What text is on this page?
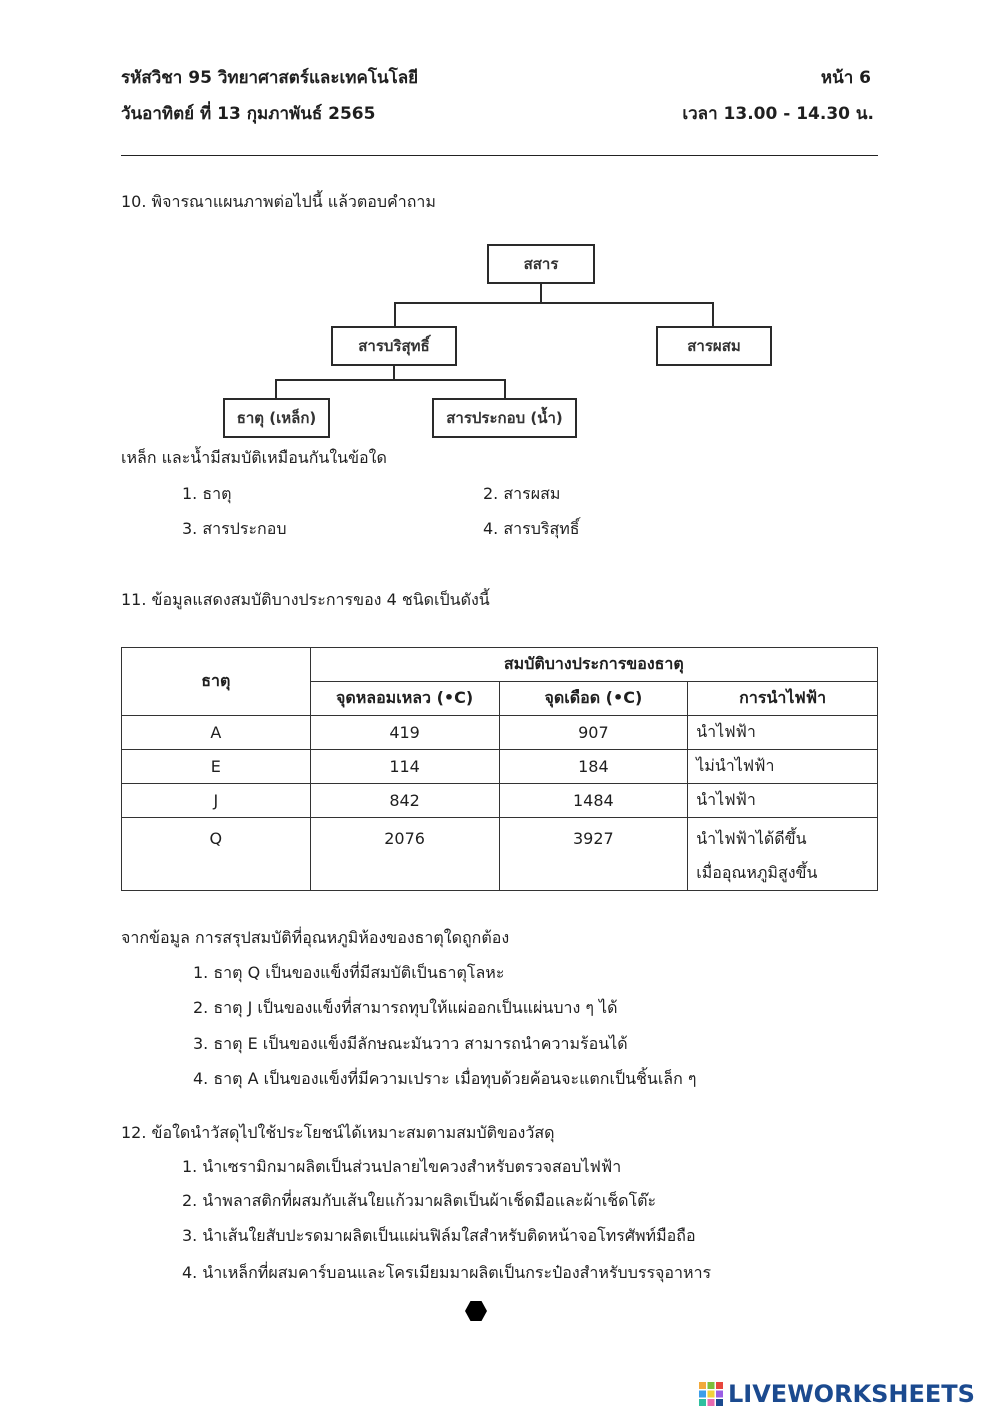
รหัสวิชา 95 วิทยาศาสตร์และเทคโนโลยี	หน้า 6
วันอาทิตย์ ที่ 13 กุมภาพันธ์ 2565	เวลา 13.00 - 14.30 น.
10. พิจารณาแผนภาพต่อไปนี้ แล้วตอบคำถาม
สสาร
สารบริสุทธิ์	สารผสม
ธาตุ (เหล็ก)	สารประกอบ (น้ำ)
เหล็ก และน้ำมีสมบัติเหมือนกันในข้อใด
1. ธาตุ	2. สารผสม
3. สารประกอบ	4. สารบริสุทธิ์
11. ข้อมูลแสดงสมบัติบางประการของ 4 ชนิดเป็นดังนี้
ธาตุ	สมบัติบางประการของธาตุ		
	จุดหลอมเหลว (•C)	จุดเดือด (•C)	การนำไฟฟ้า
A	419	907	นำไฟฟ้า
E	114	184	ไม่นำไฟฟ้า
J	842	1484	นำไฟฟ้า
Q	2076	3927	นำไฟฟ้าได้ดีขึ้น
เมื่ออุณหภูมิสูงขึ้น
จากข้อมูล การสรุปสมบัติที่อุณหภูมิห้องของธาตุใดถูกต้อง
1. ธาตุ Q เป็นของแข็งที่มีสมบัติเป็นธาตุโลหะ
2. ธาตุ J เป็นของแข็งที่สามารถทุบให้แผ่ออกเป็นแผ่นบาง ๆ ได้
3. ธาตุ E เป็นของแข็งมีลักษณะมันวาว สามารถนำความร้อนได้
4. ธาตุ A เป็นของแข็งที่มีความเปราะ เมื่อทุบด้วยค้อนจะแตกเป็นชิ้นเล็ก ๆ
12. ข้อใดนำวัสดุไปใช้ประโยชน์ได้เหมาะสมตามสมบัติของวัสดุ
1. นำเซรามิกมาผลิตเป็นส่วนปลายไขควงสำหรับตรวจสอบไฟฟ้า
2. นำพลาสติกที่ผสมกับเส้นใยแก้วมาผลิตเป็นผ้าเช็ดมือและผ้าเช็ดโต๊ะ
3. นำเส้นใยสับปะรดมาผลิตเป็นแผ่นฟิล์มใสสำหรับติดหน้าจอโทรศัพท์มือถือ
4. นำเหล็กที่ผสมคาร์บอนและโครเมียมมาผลิตเป็นกระป๋องสำหรับบรรจุอาหาร
LIVEWORKSHEETS
